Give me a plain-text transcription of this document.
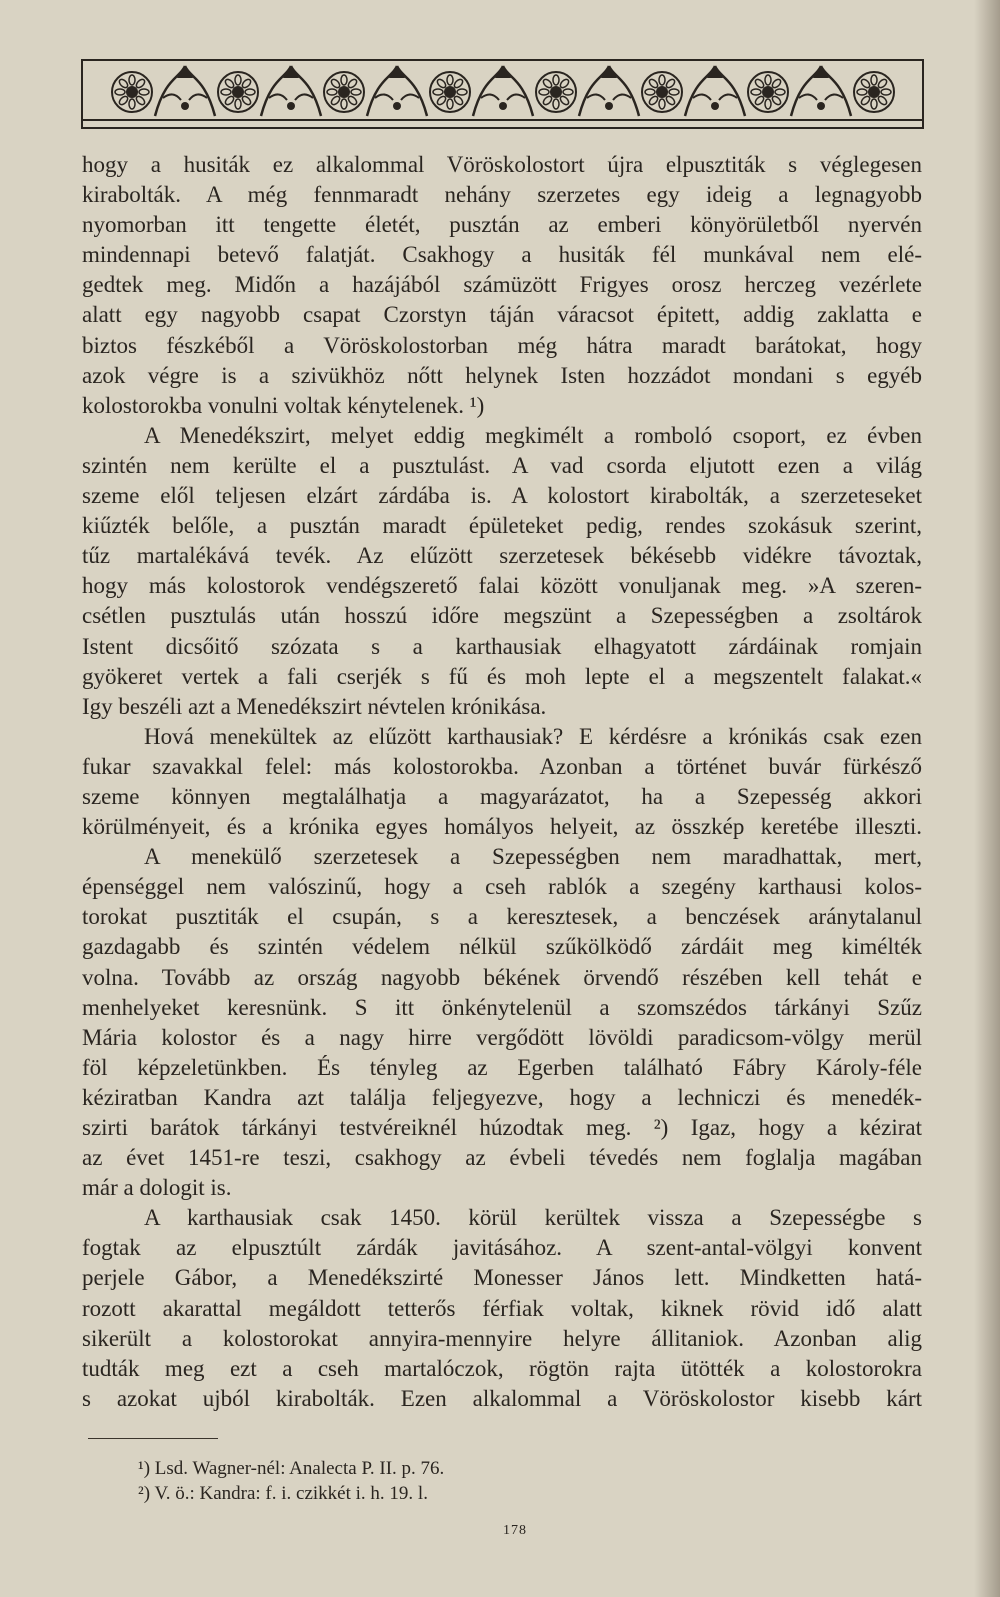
hogy a husiták ez alkalommal Vöröskolostort újra elpusztiták s véglegesen
kirabolták. A még fennmaradt nehány szerzetes egy ideig a legnagyobb
nyomorban itt tengette életét, pusztán az emberi könyörületből nyervén
mindennapi betevő falatját. Csakhogy a husiták fél munkával nem elé-
gedtek meg. Midőn a hazájából számüzött Frigyes orosz herczeg vezérlete
alatt egy nagyobb csapat Czorstyn táján váracsot épitett, addig zaklatta e
biztos fészkéből a Vöröskolostorban még hátra maradt barátokat, hogy
azok végre is a szivükhöz nőtt helynek Isten hozzádot mondani s egyéb
kolostorokba vonulni voltak kénytelenek. ¹)
A Menedékszirt, melyet eddig megkimélt a romboló csoport, ez évben
szintén nem kerülte el a pusztulást. A vad csorda eljutott ezen a világ
szeme elől teljesen elzárt zárdába is. A kolostort kirabolták, a szerzeteseket
kiűzték belőle, a pusztán maradt épületeket pedig, rendes szokásuk szerint,
tűz martalékává tevék. Az elűzött szerzetesek békésebb vidékre távoztak,
hogy más kolostorok vendégszerető falai között vonuljanak meg. »A szeren-
csétlen pusztulás után hosszú időre megszünt a Szepességben a zsoltárok
Istent dicsőitő szózata s a karthausiak elhagyatott zárdáinak romjain
gyökeret vertek a fali cserjék s fű és moh lepte el a megszentelt falakat.«
Igy beszéli azt a Menedékszirt névtelen krónikása.
Hová menekültek az elűzött karthausiak? E kérdésre a krónikás csak ezen
fukar szavakkal felel: más kolostorokba. Azonban a történet buvár fürkésző
szeme könnyen megtalálhatja a magyarázatot, ha a Szepesség akkori
körülményeit, és a krónika egyes homályos helyeit, az összkép keretébe illeszti.
A menekülő szerzetesek a Szepességben nem maradhattak, mert,
épenséggel nem valószinű, hogy a cseh rablók a szegény karthausi kolos-
torokat pusztiták el csupán, s a keresztesek, a benczések aránytalanul
gazdagabb és szintén védelem nélkül szűkölködő zárdáit meg kimélték
volna. Tovább az ország nagyobb békének örvendő részében kell tehát e
menhelyeket keresnünk. S itt önkénytelenül a szomszédos tárkányi Szűz
Mária kolostor és a nagy hirre vergődött lövöldi paradicsom-völgy merül
föl képzeletünkben. És tényleg az Egerben található Fábry Károly-féle
kéziratban Kandra azt találja feljegyezve, hogy a lechniczi és menedék-
szirti barátok tárkányi testvéreiknél húzodtak meg. ²) Igaz, hogy a kézirat
az évet 1451-re teszi, csakhogy az évbeli tévedés nem foglalja magában
már a dologit is.
A karthausiak csak 1450. körül kerültek vissza a Szepességbe s
fogtak az elpusztúlt zárdák javitásához. A szent-antal-völgyi konvent
perjele Gábor, a Menedékszirté Monesser János lett. Mindketten hatá-
rozott akarattal megáldott tetterős férfiak voltak, kiknek rövid idő alatt
sikerült a kolostorokat annyira-mennyire helyre állitaniok. Azonban alig
tudták meg ezt a cseh martalóczok, rögtön rajta ütötték a kolostorokra
s azokat ujból kirabolták. Ezen alkalommal a Vöröskolostor kisebb kárt
¹) Lsd. Wagner-nél: Analecta P. II. p. 76.
²) V. ö.: Kandra: f. i. czikkét i. h. 19. l.
178
